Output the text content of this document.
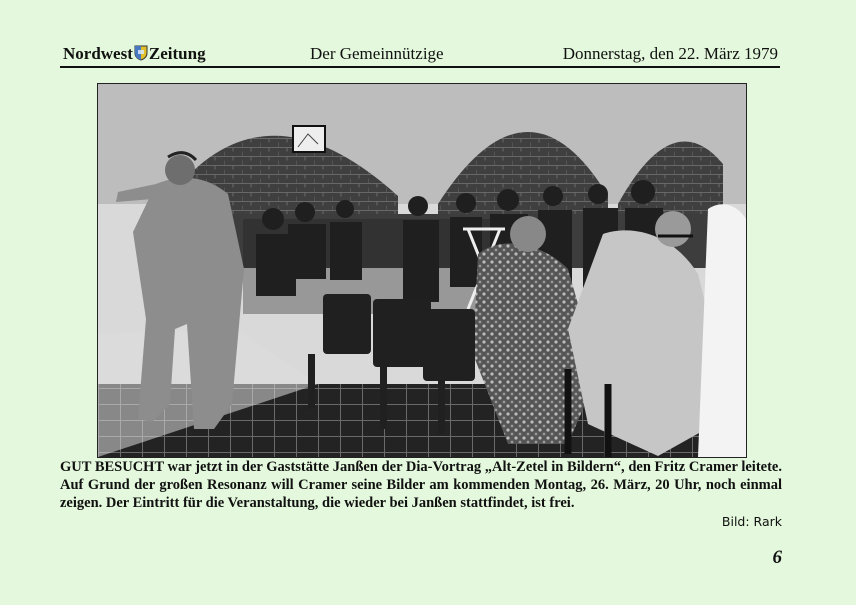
Nordwest Zeitung	Der Gemeinnützige	Donnerstag, den 22. März 1979
GUT BESUCHT war jetzt in der Gaststätte Janßen der Dia-Vortrag „Alt-Zetel in Bildern“, den Fritz Cramer leitete. Auf Grund der großen Resonanz will Cramer seine Bilder am kommenden Montag, 26. März, 20 Uhr, noch einmal zeigen. Der Eintritt für die Veranstaltung, die wieder bei Janßen stattfindet, ist frei.
Bild: Rark
6
